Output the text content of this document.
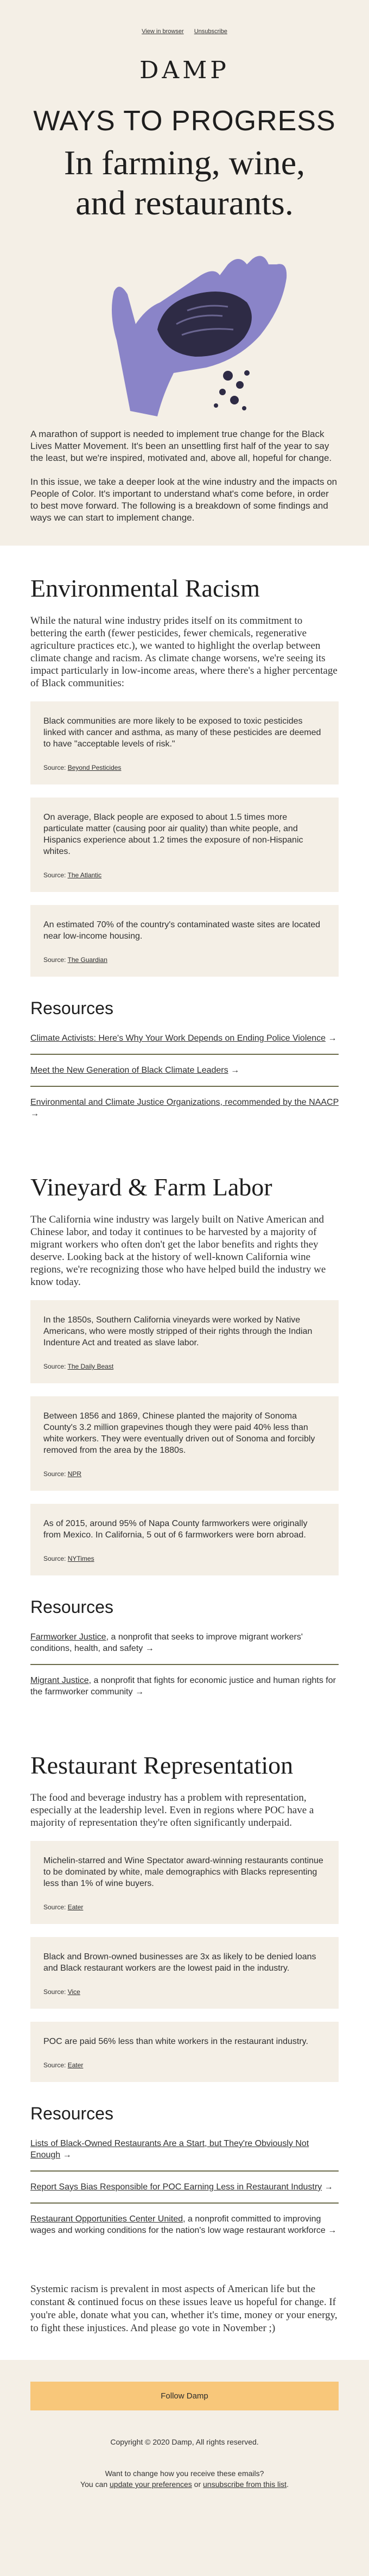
View in browser Unsubscribe
DAMP
WAYS TO PROGRESS
In farming, wine,
and restaurants.

A marathon of support is needed to implement true change for the Black Lives Matter Movement. It's been an unsettling first half of the year to say the least, but we're inspired, motivated and, above all, hopeful for change.

In this issue, we take a deeper look at the wine industry and the impacts on People of Color. It's important to understand what's come before, in order to best move forward. The following is a breakdown of some findings and ways we can start to implement change.

Environmental Racism

While the natural wine industry prides itself on its commitment to bettering the earth (fewer pesticides, fewer chemicals, regenerative agriculture practices etc.), we wanted to highlight the overlap between climate change and racism. As climate change worsens, we're seeing its impact particularly in low-income areas, where there's a higher percentage of Black communities:

Black communities are more likely to be exposed to toxic pesticides linked with cancer and asthma, as many of these pesticides are deemed to have "acceptable levels of risk."

Source: Beyond Pesticides

On average, Black people are exposed to about 1.5 times more particulate matter (causing poor air quality) than white people, and Hispanics experience about 1.2 times the exposure of non-Hispanic whites.

Source: The Atlantic

An estimated 70% of the country's contaminated waste sites are located near low-income housing.

Source: The Guardian
Resources
Climate Activists: Here's Why Your Work Depends on Ending Police Violence →
Meet the New Generation of Black Climate Leaders →
Environmental and Climate Justice Organizations, recommended by the NAACP →
Vineyard & Farm Labor

The California wine industry was largely built on Native American and Chinese labor, and today it continues to be harvested by a majority of migrant workers who often don't get the labor benefits and rights they deserve. Looking back at the history of well-known California wine regions, we're recognizing those who have helped build the industry we know today.

In the 1850s, Southern California vineyards were worked by Native Americans, who were mostly stripped of their rights through the Indian Indenture Act and treated as slave labor.

Source: The Daily Beast

Between 1856 and 1869, Chinese planted the majority of Sonoma County's 3.2 million grapevines though they were paid 40% less than white workers. They were eventually driven out of Sonoma and forcibly removed from the area by the 1880s.

Source: NPR

As of 2015, around 95% of Napa County farmworkers were originally from Mexico. In California, 5 out of 6 farmworkers were born abroad.

Source: NYTimes
Resources
Farmworker Justice, a nonprofit that seeks to improve migrant workers' conditions, health, and safety →
Migrant Justice, a nonprofit that fights for economic justice and human rights for the farmworker community →
Restaurant Representation

The food and beverage industry has a problem with representation, especially at the leadership level. Even in regions where POC have a majority of representation they're often significantly underpaid.

Michelin-starred and Wine Spectator award-winning restaurants continue to be dominated by white, male demographics with Blacks representing less than 1% of wine buyers.

Source: Eater

Black and Brown-owned businesses are 3x as likely to be denied loans and Black restaurant workers are the lowest paid in the industry.

Source: Vice

POC are paid 56% less than white workers in the restaurant industry.

Source: Eater
Resources
Lists of Black-Owned Restaurants Are a Start, but They're Obviously Not Enough →
Report Says Bias Responsible for POC Earning Less in Restaurant Industry →
Restaurant Opportunities Center United, a nonprofit committed to improving wages and working conditions for the nation's low wage restaurant workforce →

Systemic racism is prevalent in most aspects of American life but the constant & continued focus on these issues leave us hopeful for change. If you're able, donate what you can, whether it's time, money or your energy, to fight these injustices. And please go vote in November ;)

Follow Damp
Copyright © 2020 Damp, All rights reserved.
Want to change how you receive these emails?
You can update your preferences or unsubscribe from this list.
